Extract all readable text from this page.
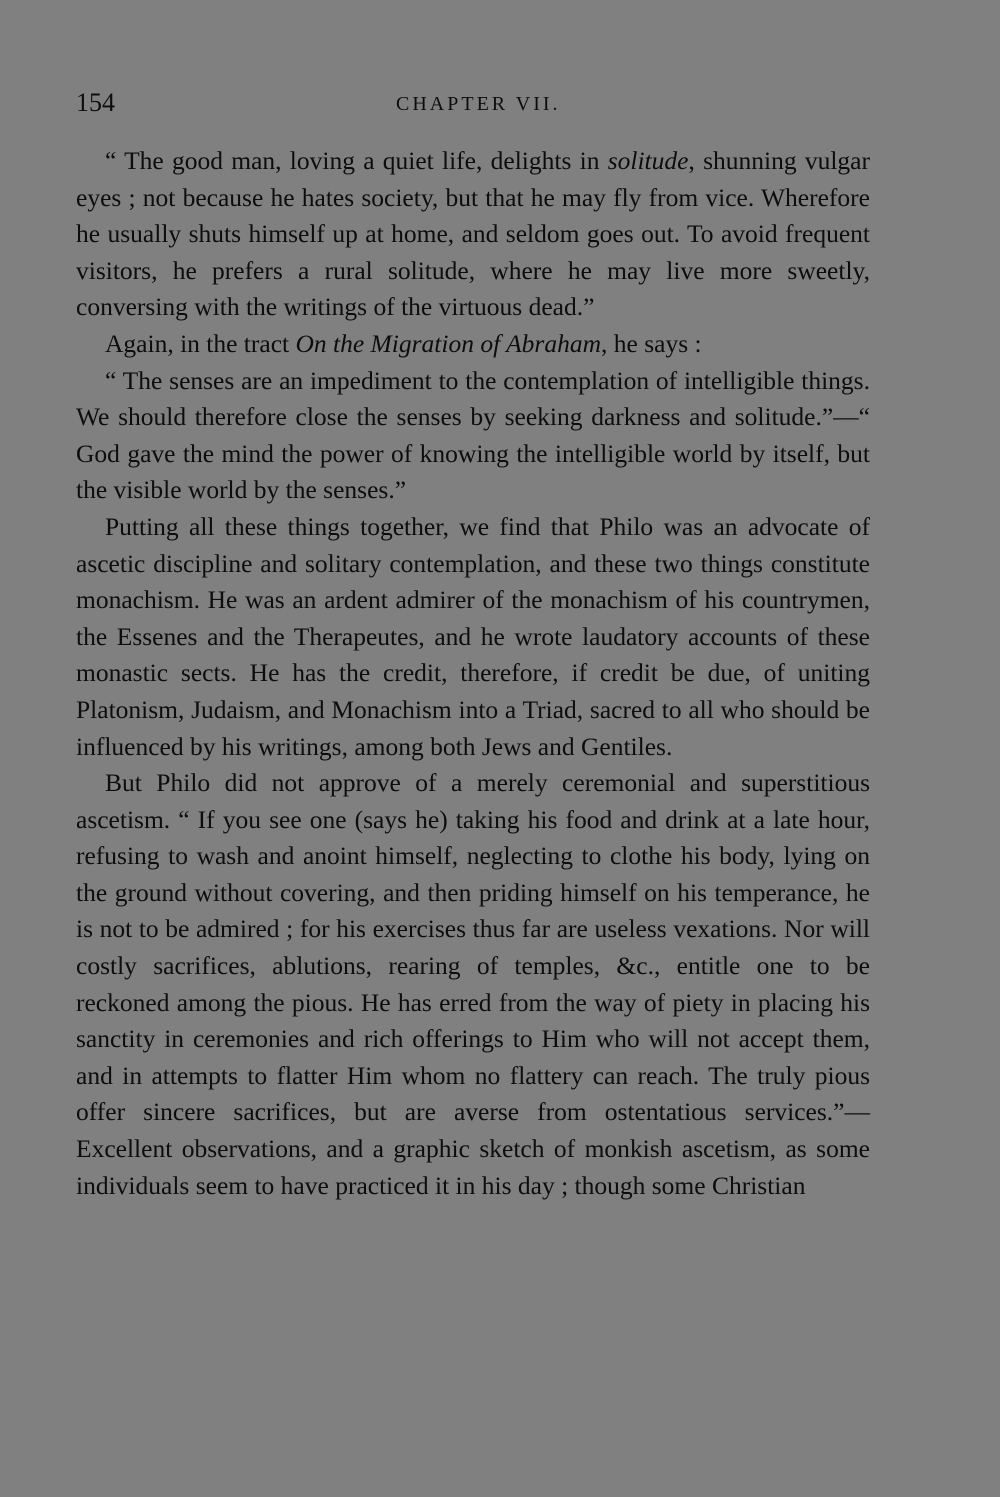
154	CHAPTER VII.

“ The good man, loving a quiet life, delights in solitude, shunning vulgar eyes ; not because he hates society, but that he may fly from vice. Wherefore he usually shuts himself up at home, and seldom goes out. To avoid frequent visitors, he prefers a rural solitude, where he may live more sweetly, conversing with the writings of the virtuous dead.”

Again, in the tract On the Migration of Abraham, he says :

“ The senses are an impediment to the contemplation of intelligible things. We should therefore close the senses by seeking darkness and solitude.”—“ God gave the mind the power of knowing the intelligible world by itself, but the visible world by the senses.”

Putting all these things together, we find that Philo was an advocate of ascetic discipline and solitary contemplation, and these two things constitute monachism. He was an ardent admirer of the monachism of his countrymen, the Essenes and the Therapeutes, and he wrote laudatory accounts of these monastic sects. He has the credit, therefore, if credit be due, of uniting Platonism, Judaism, and Monachism into a Triad, sacred to all who should be influenced by his writings, among both Jews and Gentiles.

But Philo did not approve of a merely ceremonial and superstitious ascetism. “ If you see one (says he) taking his food and drink at a late hour, refusing to wash and anoint himself, neglecting to clothe his body, lying on the ground without covering, and then priding himself on his temperance, he is not to be admired ; for his exercises thus far are useless vexations. Nor will costly sacrifices, ablutions, rearing of temples, &c., entitle one to be reckoned among the pious. He has erred from the way of piety in placing his sanctity in ceremonies and rich offerings to Him who will not accept them, and in attempts to flatter Him whom no flattery can reach. The truly pious offer sincere sacrifices, but are averse from ostentatious services.”—Excellent observations, and a graphic sketch of monkish ascetism, as some individuals seem to have practiced it in his day ; though some Christian
